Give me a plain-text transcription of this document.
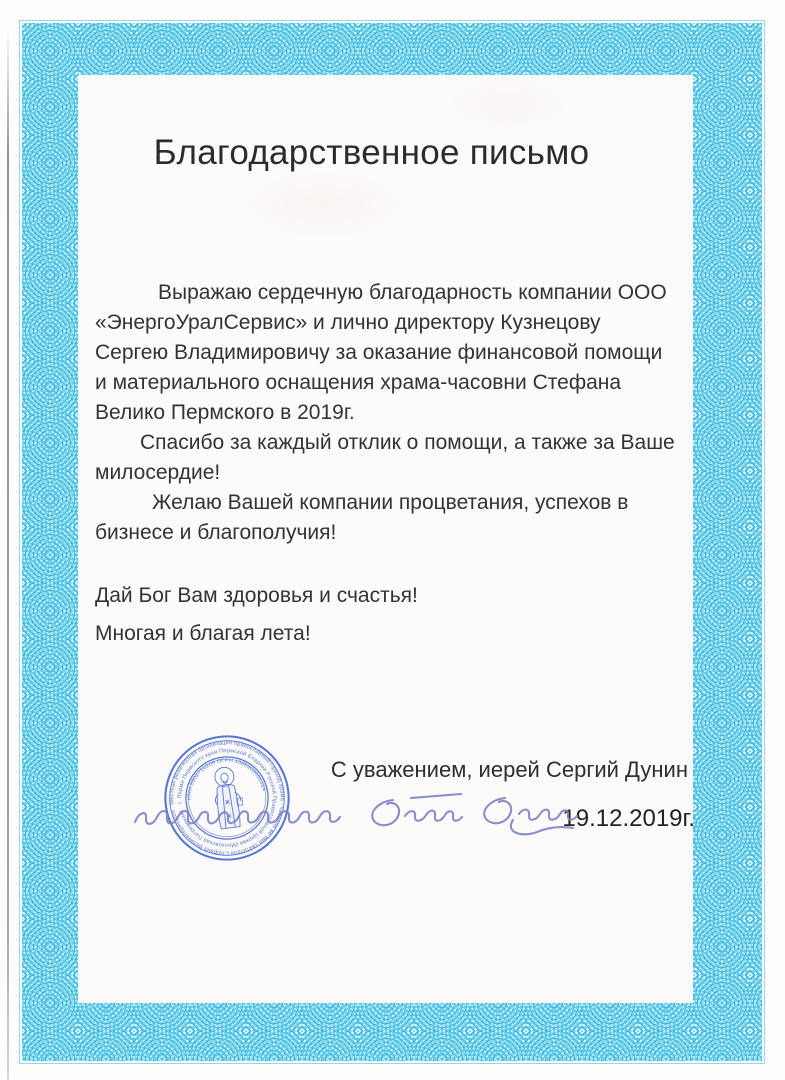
Благодарственное письмо

Выражаю сердечную благодарность компании ООО «ЭнергоУралСервис» и лично директору Кузнецову Сергею Владимировичу за оказание финансовой помощи и материального оснащения храма-часовни Стефана Велико Пермского в 2019г.

Спасибо за каждый отклик о помощи, а также за Ваше милосердие!

Желаю Вашей компании процветания, успехов в бизнесе и благополучия!

Дай Бог Вам здоровья и счастья!
Многая и благая лета!
С уважением, иерей Сергий Дунин
19.12.2019г.
Местная религиозная организация православный Приход храма - часовня во имя святителя Стефана Великопермского
г. Перми Пермского края Пермской Епархии Русской Православной Церкви (Московская Патриархия)
ИНН 5902710209 ОГРН 1085900001324
